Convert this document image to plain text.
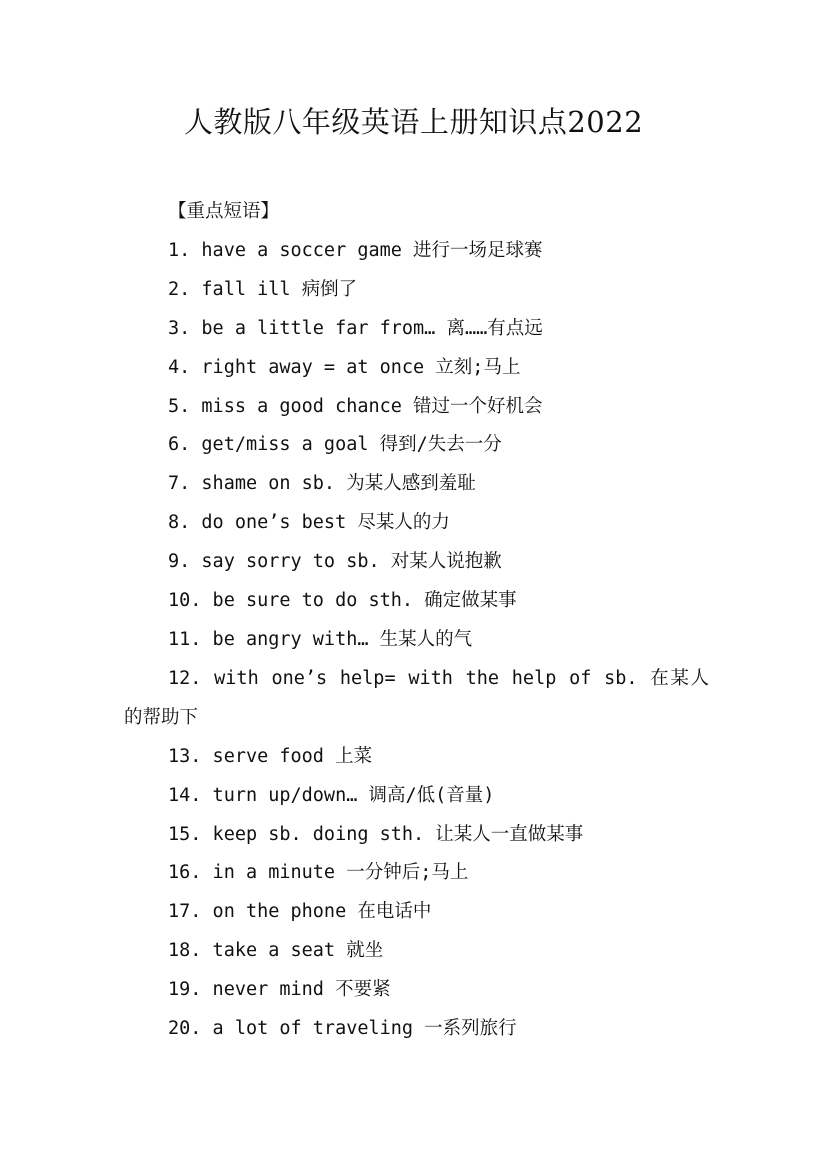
人教版八年级英语上册知识点2022

【重点短语】

1. have a soccer game 进行一场足球赛

2. fall ill 病倒了

3. be a little far from… 离……有点远

4. right away = at once 立刻;马上

5. miss a good chance 错过一个好机会

6. get/miss a goal 得到/失去一分

7. shame on sb. 为某人感到羞耻

8. do one’s best 尽某人的力

9. say sorry to sb. 对某人说抱歉

10. be sure to do sth. 确定做某事

11. be angry with… 生某人的气

12. with one’s help= with the help of sb. 在某人的帮助下

13. serve food 上菜

14. turn up/down… 调高/低(音量)

15. keep sb. doing sth. 让某人一直做某事

16. in a minute 一分钟后;马上

17. on the phone 在电话中

18. take a seat 就坐

19. never mind 不要紧

20. a lot of traveling 一系列旅行
